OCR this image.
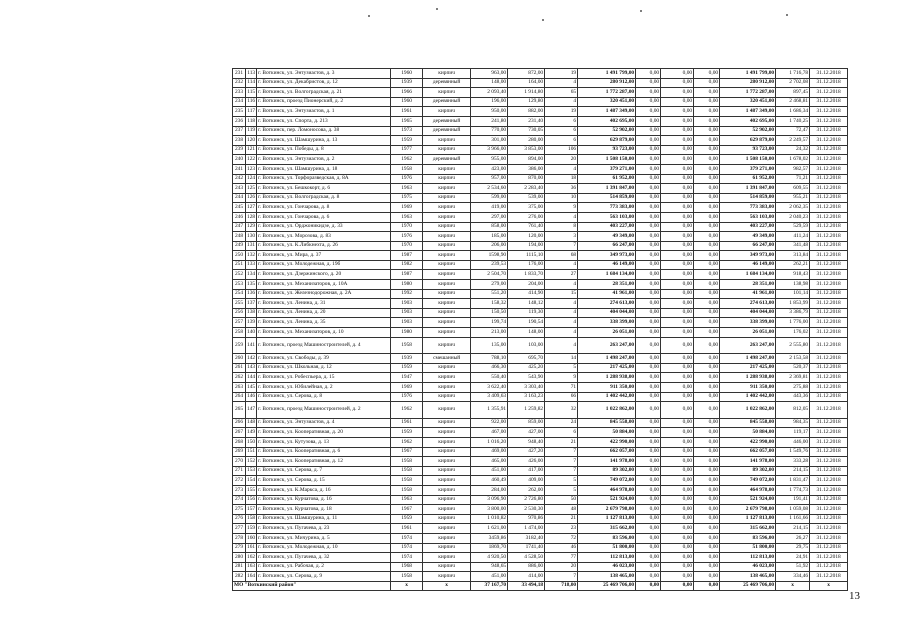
231	113	г. Воткинск, ул. Энтузиастов, д. 3	1960	кирпич	963,00	872,00	19	1 491 799,00	0,00	0,00	0,00	1 491 799,00	1 716,78	31.12.2018
232	114	г. Воткинск, ул. Декабристов, д. 12	1939	деревянный	148,00	164,00	4	280 912,00	0,00	0,00	0,00	280 912,00	2 702,08	31.12.2018
233	115	г. Воткинск, ул. Волгоградская, д. 21	1966	кирпич	2 093,40	1 914,80	65	1 772 287,00	0,00	0,00	0,00	1 772 287,00	897,45	31.12.2018
234	116	г. Воткинск, проезд Пионерский, д. 2	1960	деревянный	196,00	129,80	4	320 451,00	0,00	0,00	0,00	320 451,00	2 468,81	31.12.2018
235	117	г. Воткинск, ул. Энтузиастов, д. 1	1961	кирпич	950,00	882,00	19	1 487 349,00	0,00	0,00	0,00	1 487 349,00	1 686,34	31.12.2018
236	118	г. Воткинск, ул. Спорта, д. 213	1965	деревянный	241,80	231,40	6	402 695,00	0,00	0,00	0,00	402 695,00	1 740,25	31.12.2018
237	119	г. Воткинск, пер. Ломоносова, д. 38	1973	деревянный	770,00	730,05	6	52 902,00	0,00	0,00	0,00	52 902,00	72,47	31.12.2018
238	120	г. Воткинск, ул. Шамшурина, д. 13	1959	кирпич	301,00	280,00	6	629 879,00	0,00	0,00	0,00	629 879,00	2 249,57	31.12.2018
239	121	г. Воткинск, ул. Победы, д. 8	1977	кирпич	3 966,00	3 853,00	106	93 723,00	0,00	0,00	0,00	93 723,00	24,32	31.12.2018
240	122	г. Воткинск, ул. Энтузиастов, д. 2	1962	деревянный	955,00	894,00	20	1 508 150,00	0,00	0,00	0,00	1 508 150,00	1 678,02	31.12.2018
241	123	г. Воткинск, ул. Шамшурина, д. 18	1958	кирпич	423,00	386,00	4	379 271,00	0,00	0,00	0,00	379 271,00	982,57	31.12.2018
242	124	г. Воткинск, ул. Торфоразведская, д. 8А	1976	кирпич	957,00	870,00	18	61 952,00	0,00	0,00	0,00	61 952,00	71,21	31.12.2018
243	125	г. Воткинск, ул. Бешкокорт, д. 6	1963	кирпич	2 534,60	2 283,40	36	1 391 847,00	0,00	0,00	0,00	1 391 847,00	609,55	31.12.2018
244	126	г. Воткинск, ул. Волгоградская, д. 8	1975	кирпич	599,00	539,00	10	514 859,00	0,00	0,00	0,00	514 859,00	955,21	31.12.2018
245	127	г. Воткинск, ул. Гончарова, д. 8	1969	кирпич	419,00	375,00	9	773 383,00	0,00	0,00	0,00	773 383,00	2 062,35	31.12.2018
246	128	г. Воткинск, ул. Гончарова, д. 6	1963	кирпич	297,00	276,00	4	563 103,00	0,00	0,00	0,00	563 103,00	2 040,23	31.12.2018
247	129	г. Воткинск, ул. Орджоникидзе, д. 33	1970	кирпич	858,00	761,40	8	403 227,00	0,00	0,00	0,00	403 227,00	529,59	31.12.2018
248	130	г. Воткинск, ул. Морозова, д. 83	1976	кирпич	185,00	120,00	3	49 349,00	0,00	0,00	0,00	49 349,00	411,24	31.12.2018
249	131	г. Воткинск, ул. К.Либкнехта, д. 26	1970	кирпич	206,00	194,00	7	66 247,00	0,00	0,00	0,00	66 247,00	341,48	31.12.2018
250	132	г. Воткинск, ул. Мира, д. 37	1987	кирпич	1598,90	1115,10	68	349 973,00	0,00	0,00	0,00	349 973,00	313,84	31.12.2018
251	133	г. Воткинск, ул. Молодежная, д. 19б	1982	кирпич	239,53	176,00	4	46 149,00	0,00	0,00	0,00	46 149,00	262,21	31.12.2018
252	134	г. Воткинск, ул. Дзержинского, д. 20	1987	кирпич	2 504,70	1 833,70	27	1 684 134,00	0,00	0,00	0,00	1 684 134,00	918,43	31.12.2018
253	135	г. Воткинск, ул. Механизаторов, д. 10А	1980	кирпич	279,00	204,00	4	28 351,00	0,00	0,00	0,00	28 351,00	138,98	31.12.2018
254	136	г. Воткинск, ул. Железнодорожная, д. 2А	1992	кирпич	551,20	414,90	15	41 961,00	0,00	0,00	0,00	41 961,00	101,14	31.12.2018
255	137	г. Воткинск, ул. Ленина, д. 31	1903	кирпич	158,32	148,12	4	274 613,00	0,00	0,00	0,00	274 613,00	1 853,99	31.12.2018
256	138	г. Воткинск, ул. Ленина, д. 20	1903	кирпич	150,50	119,30	4	404 044,00	0,00	0,00	0,00	404 044,00	3 386,79	31.12.2018
257	139	г. Воткинск, ул. Ленина, д. 35	1903	кирпич	199,74	190,54	4	338 399,00	0,00	0,00	0,00	338 399,00	1 776,00	31.12.2018
258	140	г. Воткинск, ул. Механизаторов, д. 10	1980	кирпич	213,00	148,00	4	26 051,00	0,00	0,00	0,00	26 051,00	176,02	31.12.2018
259	141	г. Воткинск, проезд Машиностроителей, д. 4	1958	кирпич	135,00	103,00	4	263 247,00	0,00	0,00	0,00	263 247,00	2 555,80	31.12.2018
260	142	г. Воткинск, ул. Свободы, д. 39	1939	смешанный	788,10	695,70	14	1 498 247,00	0,00	0,00	0,00	1 498 247,00	2 153,58	31.12.2018
261	143	г. Воткинск, ул. Школьная, д. 12	1959	кирпич	466,30	425,20	5	217 425,00	0,00	0,00	0,00	217 425,00	520,37	31.12.2018
262	144	г. Воткинск, ул. Робеспьера, д. 15	1947	кирпич	550,40	543,90	9	1 288 938,00	0,00	0,00	0,00	1 288 938,00	2 369,81	31.12.2018
263	145	г. Воткинск, ул. Юбилейная, д. 2	1969	кирпич	3 622,40	3 303,40	71	911 350,00	0,00	0,00	0,00	911 350,00	275,88	31.12.2018
264	146	г. Воткинск, ул. Серова, д. 8	1976	кирпич	3 409,63	3 163,23	66	1 402 442,00	0,00	0,00	0,00	1 402 442,00	443,36	31.12.2018
265	147	г. Воткинск, проезд Машиностроителей, д. 2	1962	кирпич	1 355,91	1 259,82	32	1 022 862,00	0,00	0,00	0,00	1 022 862,00	812,05	31.12.2018
266	148	г. Воткинск, ул. Энтузиастов, д. 4	1961	кирпич	922,00	859,00	24	845 558,00	0,00	0,00	0,00	845 558,00	984,35	31.12.2018
267	149	г. Воткинск, ул. Кооперативная, д. 20	1959	кирпич	467,00	427,00	6	50 884,00	0,00	0,00	0,00	50 884,00	119,17	31.12.2018
268	150	г. Воткинск, ул. Кутузова, д. 13	1962	кирпич	1 016,20	948,40	21	422 990,00	0,00	0,00	0,00	422 990,00	446,00	31.12.2018
269	151	г. Воткинск, ул. Кооперативная, д. 6	1967	кирпич	469,00	427,20	7	662 057,00	0,00	0,00	0,00	662 057,00	1 549,76	31.12.2018
270	152	г. Воткинск, ул. Кооперативная, д. 12	1958	кирпич	465,00	426,00	7	141 978,00	0,00	0,00	0,00	141 978,00	333,28	31.12.2018
271	153	г. Воткинск, ул. Серова, д. 7	1958	кирпич	451,00	417,00	7	89 302,00	0,00	0,00	0,00	89 302,00	214,15	31.12.2018
272	154	г. Воткинск, ул. Серова, д. 15	1958	кирпич	460,49	409,00	5	749 072,00	0,00	0,00	0,00	749 072,00	1 831,47	31.12.2018
273	155	г. Воткинск, ул. К.Маркса, д. 16	1958	кирпич	284,00	262,00	5	464 978,00	0,00	0,00	0,00	464 978,00	1 774,73	31.12.2018
274	156	г. Воткинск, ул. Курчатова, д. 16	1963	кирпич	3 096,90	2 726,80	50	521 924,00	0,00	0,00	0,00	521 924,00	191,41	31.12.2018
275	157	г. Воткинск, ул. Курчатова, д. 18	1967	кирпич	3 800,00	2 530,30	48	2 679 798,00	0,00	0,00	0,00	2 679 798,00	1 059,08	31.12.2018
276	158	г. Воткинск, ул. Шамшурина, д. 11	1959	кирпич	1 010,82	970,86	21	1 127 813,00	0,00	0,00	0,00	1 127 813,00	1 161,66	31.12.2018
277	159	г. Воткинск, ул. Пугачева, д. 23	1961	кирпич	1 621,00	1 474,00	23	315 662,00	0,00	0,00	0,00	315 662,00	214,15	31.12.2018
278	160	г. Воткинск, ул. Мичурина, д. 5	1974	кирпич	3459,86	3182,40	72	83 596,00	0,00	0,00	0,00	83 596,00	26,27	31.12.2018
279	161	г. Воткинск, ул. Молодежная, д. 10	1974	кирпич	1869,70	1741,40	46	51 800,00	0,00	0,00	0,00	51 800,00	29,75	31.12.2018
280	162	г. Воткинск, ул. Пугачева, д. 32	1974	кирпич	4 920,50	4 528,50	77	112 813,00	0,00	0,00	0,00	112 813,00	24,91	31.12.2018
281	163	г. Воткинск, ул. Рабочая, д. 2	1968	кирпич	948,65	886,00	20	46 023,00	0,00	0,00	0,00	46 023,00	51,92	31.12.2018
282	164	г. Воткинск, ул. Серова, д. 9	1958	кирпич	451,00	414,00	7	138 465,00	0,00	0,00	0,00	138 465,00	334,46	31.12.2018
МО "Воткинский район"			х	х	37 167,70	33 494,18	718,00	25 469 706,00	0,00	0,00	0,00	25 469 706,00	х	х
13
